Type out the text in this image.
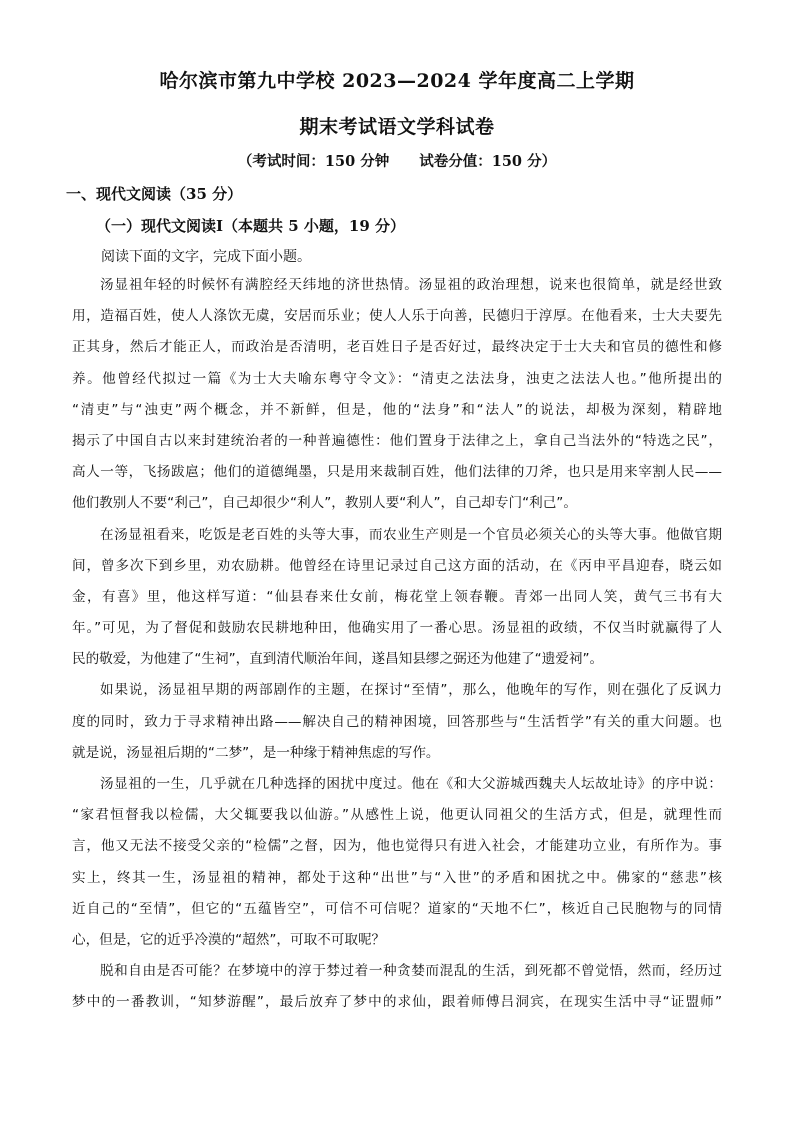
哈尔滨市第九中学校 2023—2024 学年度高二上学期
期末考试语文学科试卷
（考试时间：150 分钟 试卷分值：150 分）
一、现代文阅读（35 分）
（一）现代文阅读Ⅰ（本题共 5 小题，19 分）
阅读下面的文字，完成下面小题。
汤显祖年轻的时候怀有满腔经天纬地的济世热情。汤显祖的政治理想，说来也很简单，就是经世致
用，造福百姓，使人人涤饮无虞，安居而乐业；使人人乐于向善，民德归于淳厚。在他看来，士大夫要先
正其身，然后才能正人，而政治是否清明，老百姓日子是否好过，最终决定于士大夫和官员的德性和修
养。他曾经代拟过一篇《为士大夫喻东粤守令文》：“清吏之法法身，浊吏之法法人也。”他所提出的
“清吏”与“浊吏”两个概念，并不新鲜，但是，他的“法身”和“法人”的说法，却极为深刻，精辟地
揭示了中国自古以来封建统治者的一种普遍德性：他们置身于法律之上，拿自己当法外的“特选之民”，
高人一等，飞扬跋扈；他们的道德绳墨，只是用来裁制百姓，他们法律的刀斧，也只是用来宰割人民——
他们教别人不要“利己”，自己却很少“利人”，教别人要“利人”，自己却专门“利己”。
在汤显祖看来，吃饭是老百姓的头等大事，而农业生产则是一个官员必须关心的头等大事。他做官期
间，曾多次下到乡里，劝农励耕。他曾经在诗里记录过自己这方面的活动，在《丙申平昌迎春，晓云如
金，有喜》里，他这样写道：“仙县春来仕女前，梅花堂上领春鞭。青郊一出同人笑，黄气三书有大
年。”可见，为了督促和鼓励农民耕地种田，他确实用了一番心思。汤显祖的政绩，不仅当时就赢得了人
民的敬爱，为他建了“生祠”，直到清代顺治年间，遂昌知县缪之弼还为他建了“遗爱祠”。
如果说，汤显祖早期的两部剧作的主题，在探讨“至情”，那么，他晚年的写作，则在强化了反讽力
度的同时，致力于寻求精神出路——解决自己的精神困境，回答那些与“生活哲学”有关的重大问题。也
就是说，汤显祖后期的“二梦”，是一种缘于精神焦虑的写作。
汤显祖的一生，几乎就在几种选择的困扰中度过。他在《和大父游城西魏夫人坛故址诗》的序中说：
“家君恒督我以检儒，大父辄要我以仙游。”从感性上说，他更认同祖父的生活方式，但是，就理性而
言，他又无法不接受父亲的“检儒”之督，因为，他也觉得只有进入社会，才能建功立业，有所作为。事
实上，终其一生，汤显祖的精神，都处于这种“出世”与“入世”的矛盾和困扰之中。佛家的“慈悲”核
近自己的“至情”，但它的“五蕴皆空”，可信不可信呢？道家的“天地不仁”，核近自己民胞物与的同情
心，但是，它的近乎冷漠的“超然”，可取不可取呢？
脱和自由是否可能？在梦境中的淳于棼过着一种贪婪而混乱的生活，到死都不曾觉悟，然而，经历过
梦中的一番教训，“知梦游醒”，最后放弃了梦中的求仙，跟着师傅吕洞宾，在现实生活中寻“证盟师”
